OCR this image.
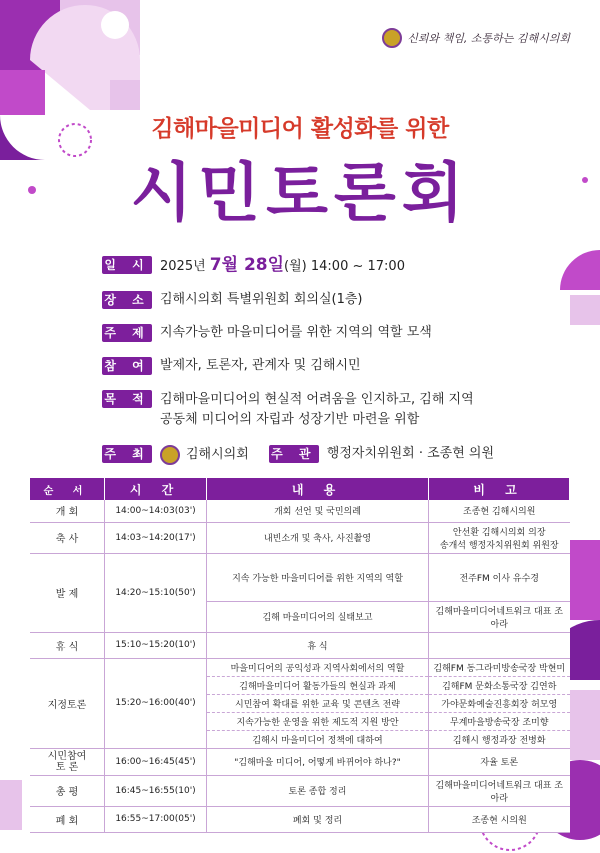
신뢰와 책임, 소통하는 김해시의회
김해마을미디어 활성화를 위한
시민토론회
일 시 2025년 7월 28일(월) 14:00 ~ 17:00
장 소 김해시의회 특별위원회 회의실(1층)
주 제 지속가능한 마을미디어를 위한 지역의 역할 모색
참 여 발제자, 토론자, 관계자 및 김해시민
목 적 김해마을미디어의 현실적 어려움을 인지하고, 김해 지역
공동체 미디어의 자립과 성장기반 마련을 위함
주 최	김해시의회 주 관 행정자치위원회 · 조종현 의원
순 서	시 간	내 용	비 고
개 회	14:00~14:03(03')	개회 선언 및 국민의례	조종현 김해시의원
축 사	14:03~14:20(17')	내빈소개 및 축사, 사진촬영	안선환 김해시의회 의장
송개석 행정자치위원회 위원장
발 제	14:20~15:10(50')	지속 가능한 마을미디어를 위한 지역의 역할	전주FM 이사 유수경
		김해 마을미디어의 실태보고	김해마을미디어네트워크 대표 조아라
휴 식	15:10~15:20(10')	휴 식	
지정토론	15:20~16:00(40')	마을미디어의 공익성과 지역사회에서의 역할	김해FM 동그라미방송국장 박현미
		김해마을미디어 활동가들의 현실과 과제	김해FM 문화소통국장 김연하
		시민참여 확대를 위한 교육 및 콘텐츠 전략	가야문화예술진흥회장 허모영
		지속가능한 운영을 위한 제도적 지원 방안	무계마을방송국장 조미향
		김해시 마을미디어 정책에 대하여	김해시 행정과장 전병화
시민참여
토 론	16:00~16:45(45')	"김해마을 미디어, 어떻게 바뀌어야 하나?"	자율 토론
총 평	16:45~16:55(10')	토론 종합 정리	김해마을미디어네트워크 대표 조아라
폐 회	16:55~17:00(05')	폐회 및 정리	조종현 시의원
